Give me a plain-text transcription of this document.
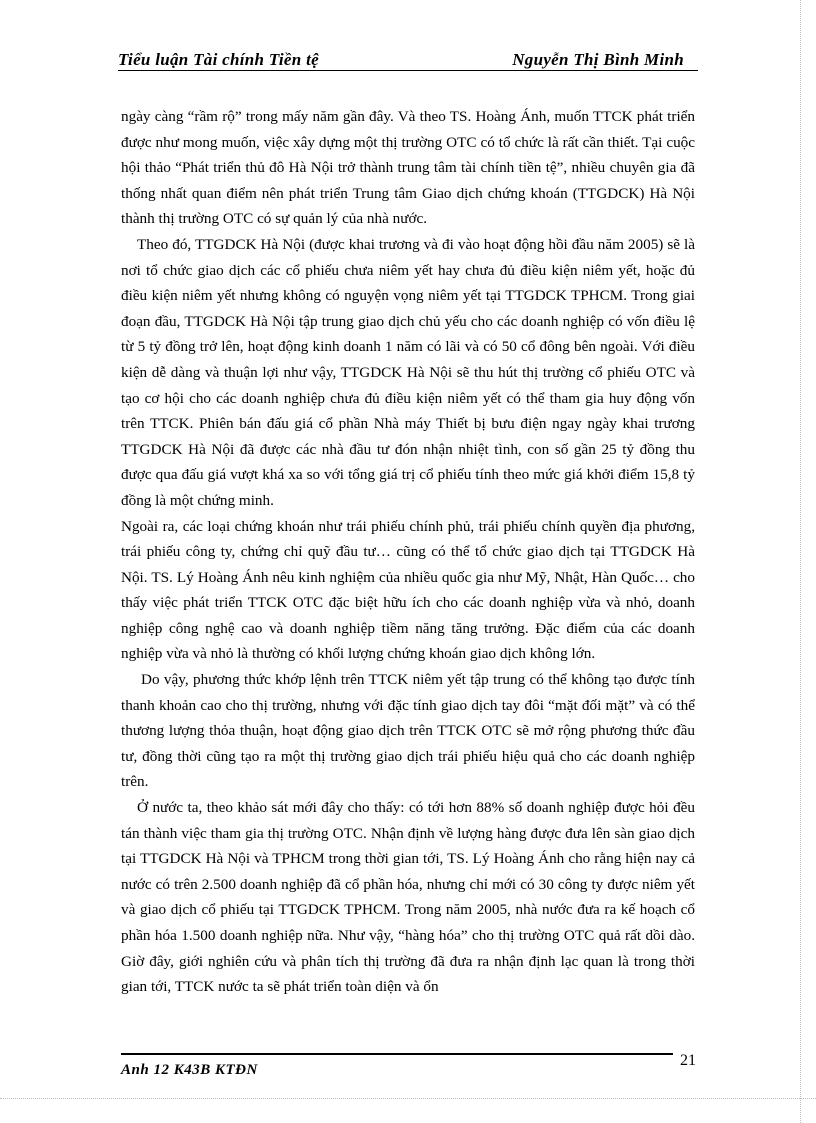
Tiểu luận Tài chính Tiền tệ	Nguyễn Thị Bình Minh

ngày càng “rầm rộ” trong mấy năm gần đây. Và theo TS. Hoàng Ánh, muốn TTCK phát triển được như mong muốn, việc xây dựng một thị trường OTC có tổ chức là rất cần thiết. Tại cuộc hội thảo “Phát triển thủ đô Hà Nội trở thành trung tâm tài chính tiền tệ”, nhiều chuyên gia đã thống nhất quan điểm nên phát triển Trung tâm Giao dịch chứng khoán (TTGDCK) Hà Nội thành thị trường OTC có sự quản lý của nhà nước.

Theo đó, TTGDCK Hà Nội (được khai trương và đi vào hoạt động hồi đầu năm 2005) sẽ là nơi tổ chức giao dịch các cổ phiếu chưa niêm yết hay chưa đủ điều kiện niêm yết, hoặc đủ điều kiện niêm yết nhưng không có nguyện vọng niêm yết tại TTGDCK TPHCM. Trong giai đoạn đầu, TTGDCK Hà Nội tập trung giao dịch chủ yếu cho các doanh nghiệp có vốn điều lệ từ 5 tỷ đồng trở lên, hoạt động kinh doanh 1 năm có lãi và có 50 cổ đông bên ngoài. Với điều kiện dễ dàng và thuận lợi như vậy, TTGDCK Hà Nội sẽ thu hút thị trường cổ phiếu OTC và tạo cơ hội cho các doanh nghiệp chưa đủ điều kiện niêm yết có thể tham gia huy động vốn trên TTCK. Phiên bán đấu giá cổ phần Nhà máy Thiết bị bưu điện ngay ngày khai trương TTGDCK Hà Nội đã được các nhà đầu tư đón nhận nhiệt tình, con số gần 25 tỷ đồng thu được qua đấu giá vượt khá xa so với tổng giá trị cổ phiếu tính theo mức giá khởi điểm 15,8 tỷ đồng là một chứng minh.

Ngoài ra, các loại chứng khoán như trái phiếu chính phủ, trái phiếu chính quyền địa phương, trái phiếu công ty, chứng chỉ quỹ đầu tư… cũng có thể tổ chức giao dịch tại TTGDCK Hà Nội. TS. Lý Hoàng Ánh nêu kinh nghiệm của nhiều quốc gia như Mỹ, Nhật, Hàn Quốc… cho thấy việc phát triển TTCK OTC đặc biệt hữu ích cho các doanh nghiệp vừa và nhỏ, doanh nghiệp công nghệ cao và doanh nghiệp tiềm năng tăng trưởng. Đặc điểm của các doanh nghiệp vừa và nhỏ là thường có khối lượng chứng khoán giao dịch không lớn.

Do vậy, phương thức khớp lệnh trên TTCK niêm yết tập trung có thể không tạo được tính thanh khoản cao cho thị trường, nhưng với đặc tính giao dịch tay đôi “mặt đối mặt” và có thể thương lượng thỏa thuận, hoạt động giao dịch trên TTCK OTC sẽ mở rộng phương thức đầu tư, đồng thời cũng tạo ra một thị trường giao dịch trái phiếu hiệu quả cho các doanh nghiệp trên.

Ở nước ta, theo khảo sát mới đây cho thấy: có tới hơn 88% số doanh nghiệp được hỏi đều tán thành việc tham gia thị trường OTC. Nhận định về lượng hàng được đưa lên sàn giao dịch tại TTGDCK Hà Nội và TPHCM trong thời gian tới, TS. Lý Hoàng Ánh cho rằng hiện nay cả nước có trên 2.500 doanh nghiệp đã cổ phần hóa, nhưng chỉ mới có 30 công ty được niêm yết và giao dịch cổ phiếu tại TTGDCK TPHCM. Trong năm 2005, nhà nước đưa ra kế hoạch cổ phần hóa 1.500 doanh nghiệp nữa. Như vậy, “hàng hóa” cho thị trường OTC quả rất dồi dào. Giờ đây, giới nghiên cứu và phân tích thị trường đã đưa ra nhận định lạc quan là trong thời gian tới, TTCK nước ta sẽ phát triển toàn diện và ổn

Anh 12 K43B KTĐN
21
